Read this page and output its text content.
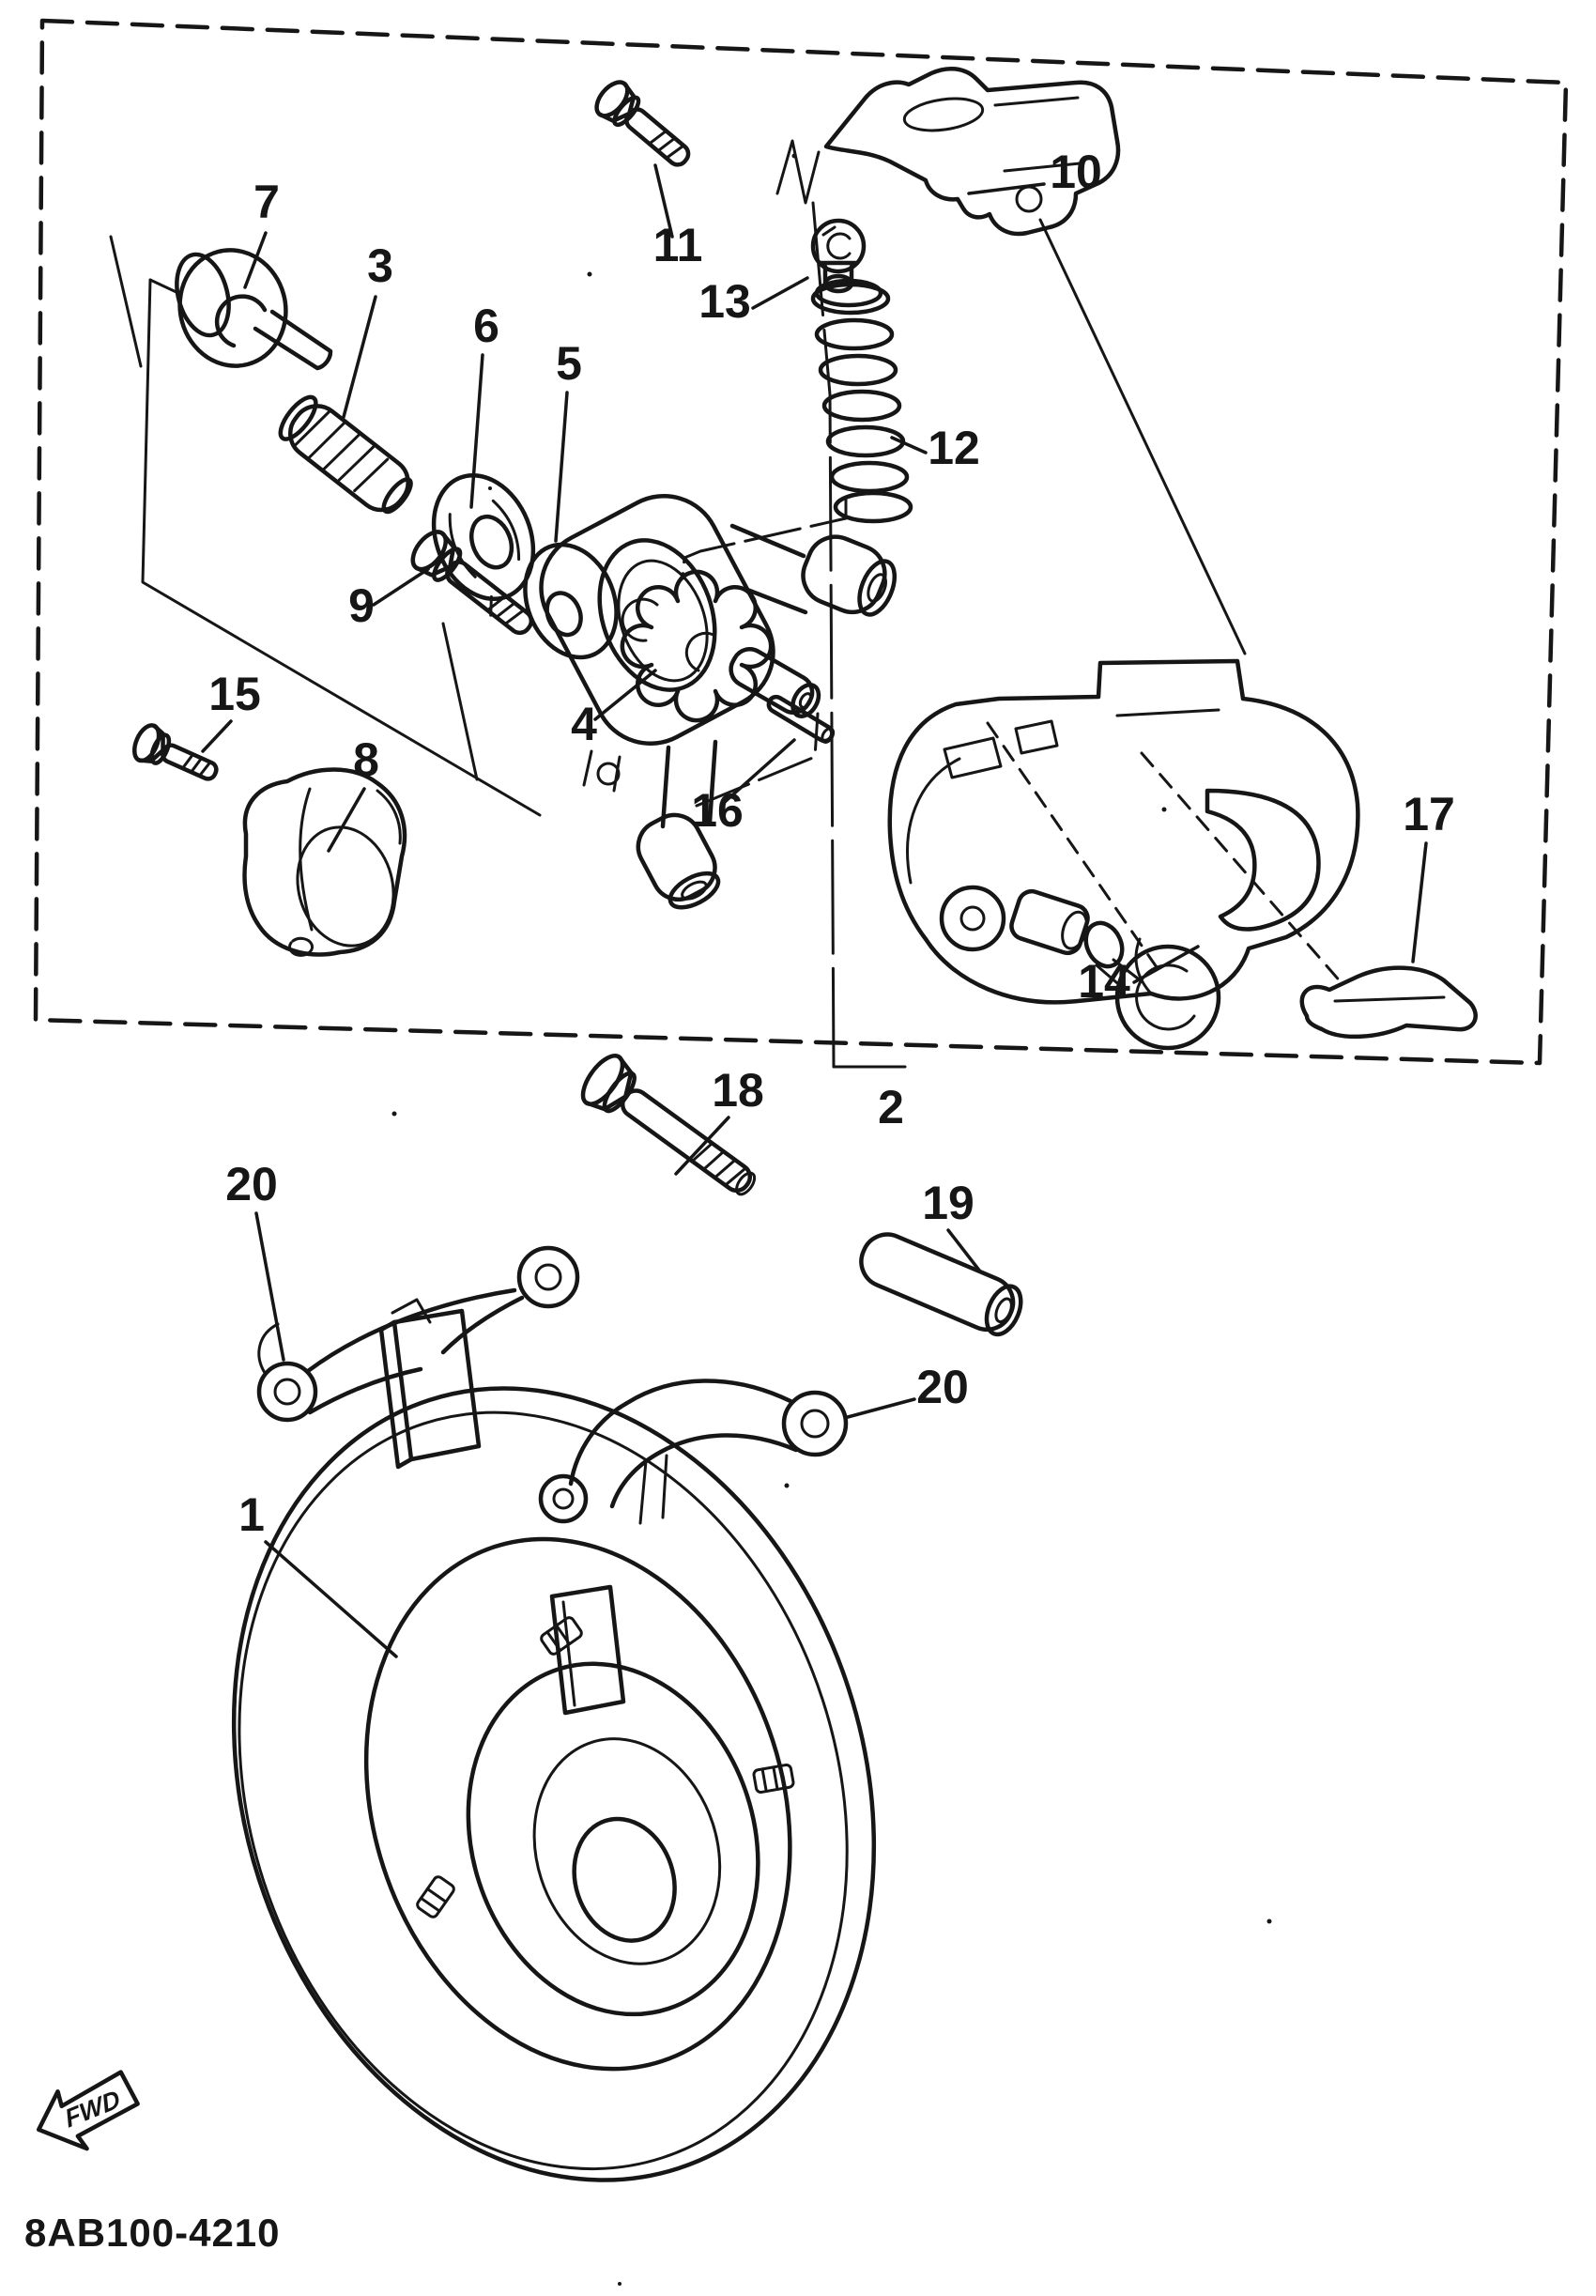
1
2
3
4
5
6
7
8
9
10
11
12
13
14
15
16	17
18
19
20
20
FWD
8AB100-4210
